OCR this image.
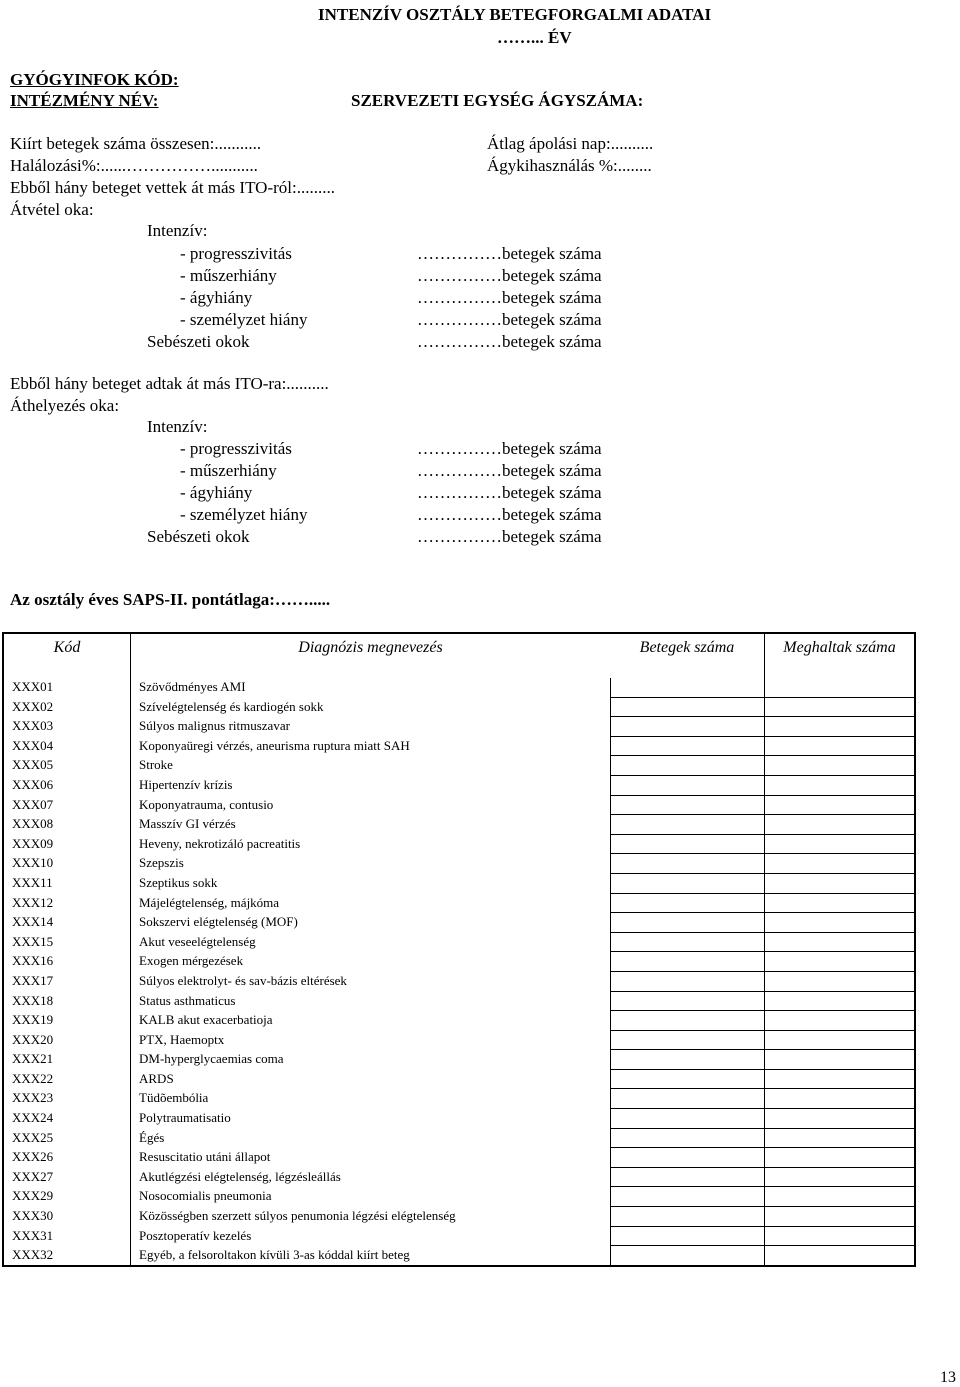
INTENZÍV OSZTÁLY BETEGFORGALMI ADATAI
……... ÉV
GYÓGYINFOK KÓD:
INTÉZMÉNY NÉV:	SZERVEZETI EGYSÉG ÁGYSZÁMA:
Kiírt betegek száma összesen:...........
Halálozási%:......……………...........
Ebből hány beteget vettek át más ITO-ról:.........
Átlag ápolási nap:..........
Ágykihasználás %:........
Átvétel oka:
Intenzív:
- progresszivitás	……………betegek száma
- műszerhiány	……………betegek száma
- ágyhiány	……………betegek száma
- személyzet hiány	……………betegek száma
Sebészeti okok	……………betegek száma
Ebből hány beteget adtak át más ITO-ra:..........
Áthelyezés oka:
Intenzív:
- progresszivitás	……………betegek száma
- műszerhiány	……………betegek száma
- ágyhiány	……………betegek száma
- személyzet hiány	……………betegek száma
Sebészeti okok	……………betegek száma
Az osztály éves SAPS-II. pontátlaga:…….....
Kód	Diagnózis megnevezés	Betegek száma	Meghaltak száma
XXX01	Szövődményes AMI		
XXX02	Szívelégtelenség és kardiogén sokk		
XXX03	Súlyos malignus ritmuszavar		
XXX04	Koponyaüregi vérzés, aneurisma ruptura miatt SAH		
XXX05	Stroke		
XXX06	Hipertenzív krízis		
XXX07	Koponyatrauma, contusio		
XXX08	Masszív GI vérzés		
XXX09	Heveny, nekrotizáló pacreatitis		
XXX10	Szepszis		
XXX11	Szeptikus sokk		
XXX12	Májelégtelenség, májkóma		
XXX14	Sokszervi elégtelenség (MOF)		
XXX15	Akut veseelégtelenség		
XXX16	Exogen mérgezések		
XXX17	Súlyos elektrolyt- és sav-bázis eltérések		
XXX18	Status asthmaticus		
XXX19	KALB akut exacerbatioja		
XXX20	PTX, Haemoptx		
XXX21	DM-hyperglycaemias coma		
XXX22	ARDS		
XXX23	Tüdõembólia		
XXX24	Polytraumatisatio		
XXX25	Égés		
XXX26	Resuscitatio utáni állapot		
XXX27	Akutlégzési elégtelenség, légzésleállás		
XXX29	Nosocomialis pneumonia		
XXX30	Közösségben szerzett súlyos penumonia légzési elégtelenség		
XXX31	Posztoperatív kezelés		
XXX32	Egyéb, a felsoroltakon kívüli 3-as kóddal kiírt beteg		
13
